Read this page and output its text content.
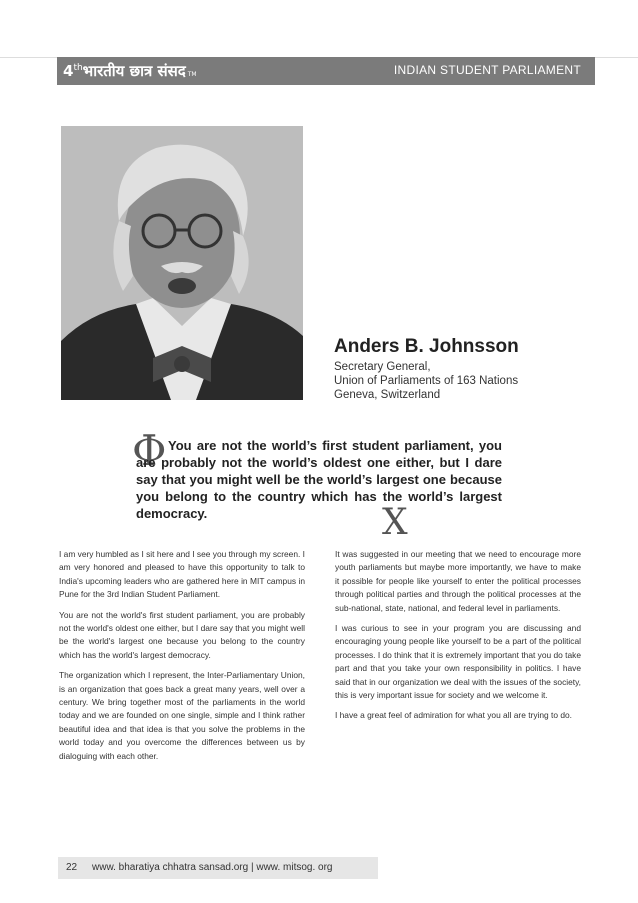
4thभारतीय छात्र संसद TM	INDIAN STUDENT PARLIAMENT
Anders B. Johnsson
Secretary General,
Union of Parliaments of 163 Nations
Geneva, Switzerland
Φ You are not the world’s first student parliament, you are probably not the world’s oldest one either, but I dare say that you might well be the world’s largest one because you belong to the country which has the world’s largest democracy.	X

I am very humbled as I sit here and I see you through my screen. I am very honored and pleased to have this opportunity to talk to India's upcoming leaders who are gathered here in MIT campus in Pune for the 3rd Indian Student Parliament.

You are not the world's first student parliament, you are probably not the world's oldest one either, but I dare say that you might well be the world's largest one because you belong to the country which has the world's largest democracy.

The organization which I represent, the Inter-Parliamentary Union, is an organization that goes back a great many years, well over a century. We bring together most of the parliaments in the world today and we are founded on one single, simple and I think rather beautiful idea and that idea is that you solve the problems in the world today and you overcome the differences between us by dialoguing with each other.

It was suggested in our meeting that we need to encourage more youth parliaments but maybe more importantly, we have to make it possible for people like yourself to enter the political processes through political parties and through the political processes at the sub-national, state, national, and federal level in parliaments.

I was curious to see in your program you are discussing and encouraging young people like yourself to be a part of the political processes. I do think that it is extremely important that you do take part and that you take your own responsibility in politics. I have said that in our organization we deal with the issues of the society, this is very important issue for society and we welcome it.

I have a great feel of admiration for what you all are trying to do.

22 www. bharatiya chhatra sansad.org | www. mitsog. org
